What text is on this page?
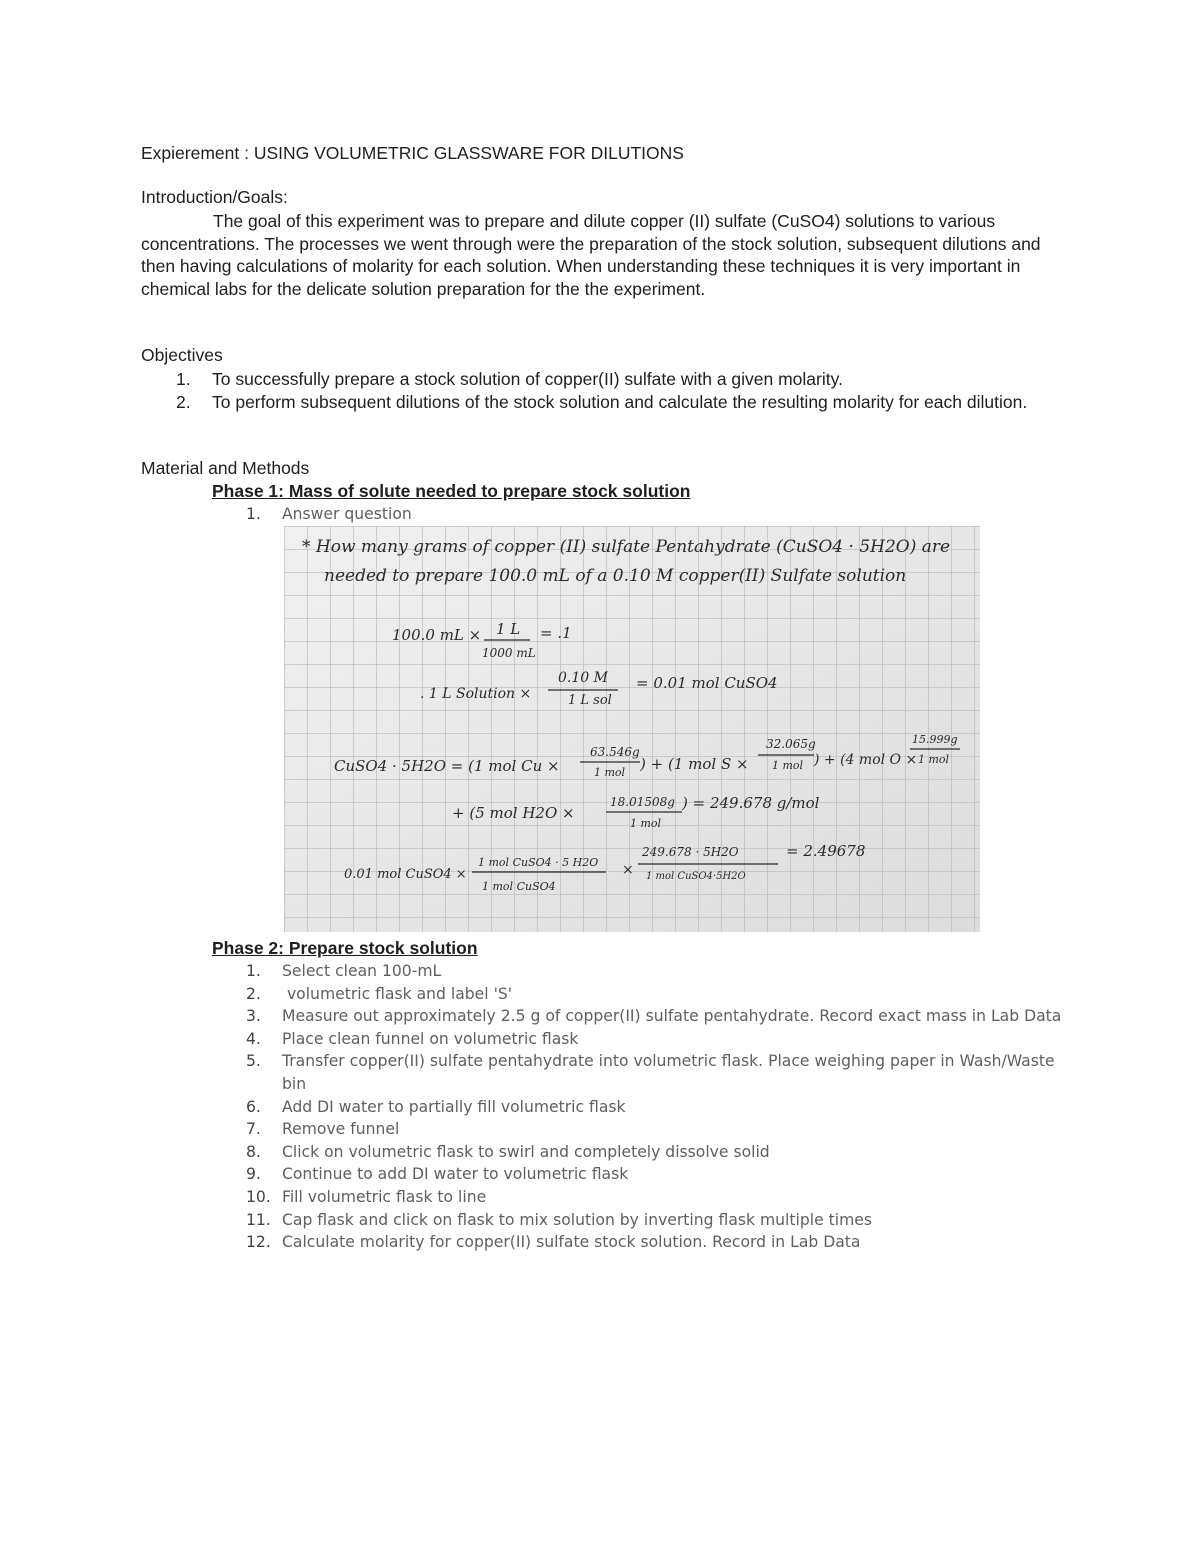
Expierement : USING VOLUMETRIC GLASSWARE FOR DILUTIONS
Introduction/Goals:
The goal of this experiment was to prepare and dilute copper (II) sulfate (CuSO4) solutions to various concentrations. The processes we went through were the preparation of the stock solution, subsequent dilutions and then having calculations of molarity for each solution. When understanding these techniques it is very important in chemical labs for the delicate solution preparation for the the experiment.
Objectives
1.	To successfully prepare a stock solution of copper(II) sulfate with a given molarity.
2.	To perform subsequent dilutions of the stock solution and calculate the resulting molarity for each dilution.
Material and Methods
Phase 1: Mass of solute needed to prepare stock solution
1.	Answer question
* How many grams of copper (II) sulfate Pentahydrate (CuSO4 · 5H2O) are
needed to prepare 100.0 mL of a 0.10 M copper(II) Sulfate solution
100.0 mL × 1 L
1000 mL
= .1
. 1 L Solution ×
0.10 M
1 L sol
= 0.01 mol CuSO4
CuSO4 · 5H2O = (1 mol Cu ×
63.546g
1 mol ) + (1 mol S ×
32.065g
1 mol ) + (4 mol O ×
15.999g
1 mol
+ (5 mol H2O ×
18.01508g
1 mol
) = 249.678 g/mol
0.01 mol CuSO4 ×
1 mol CuSO4 · 5 H2O
1 mol CuSO4
×
249.678 · 5H2O
1 mol CuSO4·5H2O
= 2.49678
Phase 2: Prepare stock solution
1.	Select clean 100-mL
2.	volumetric flask and label 'S'
3.	Measure out approximately 2.5 g of copper(II) sulfate pentahydrate. Record exact mass in Lab Data
4.	Place clean funnel on volumetric flask
5.	Transfer copper(II) sulfate pentahydrate into volumetric flask. Place weighing paper in Wash/Waste bin
6.	Add DI water to partially fill volumetric flask
7.	Remove funnel
8.	Click on volumetric flask to swirl and completely dissolve solid
9.	Continue to add DI water to volumetric flask
10. Fill volumetric flask to line
11. Cap flask and click on flask to mix solution by inverting flask multiple times
12. Calculate molarity for copper(II) sulfate stock solution. Record in Lab Data
